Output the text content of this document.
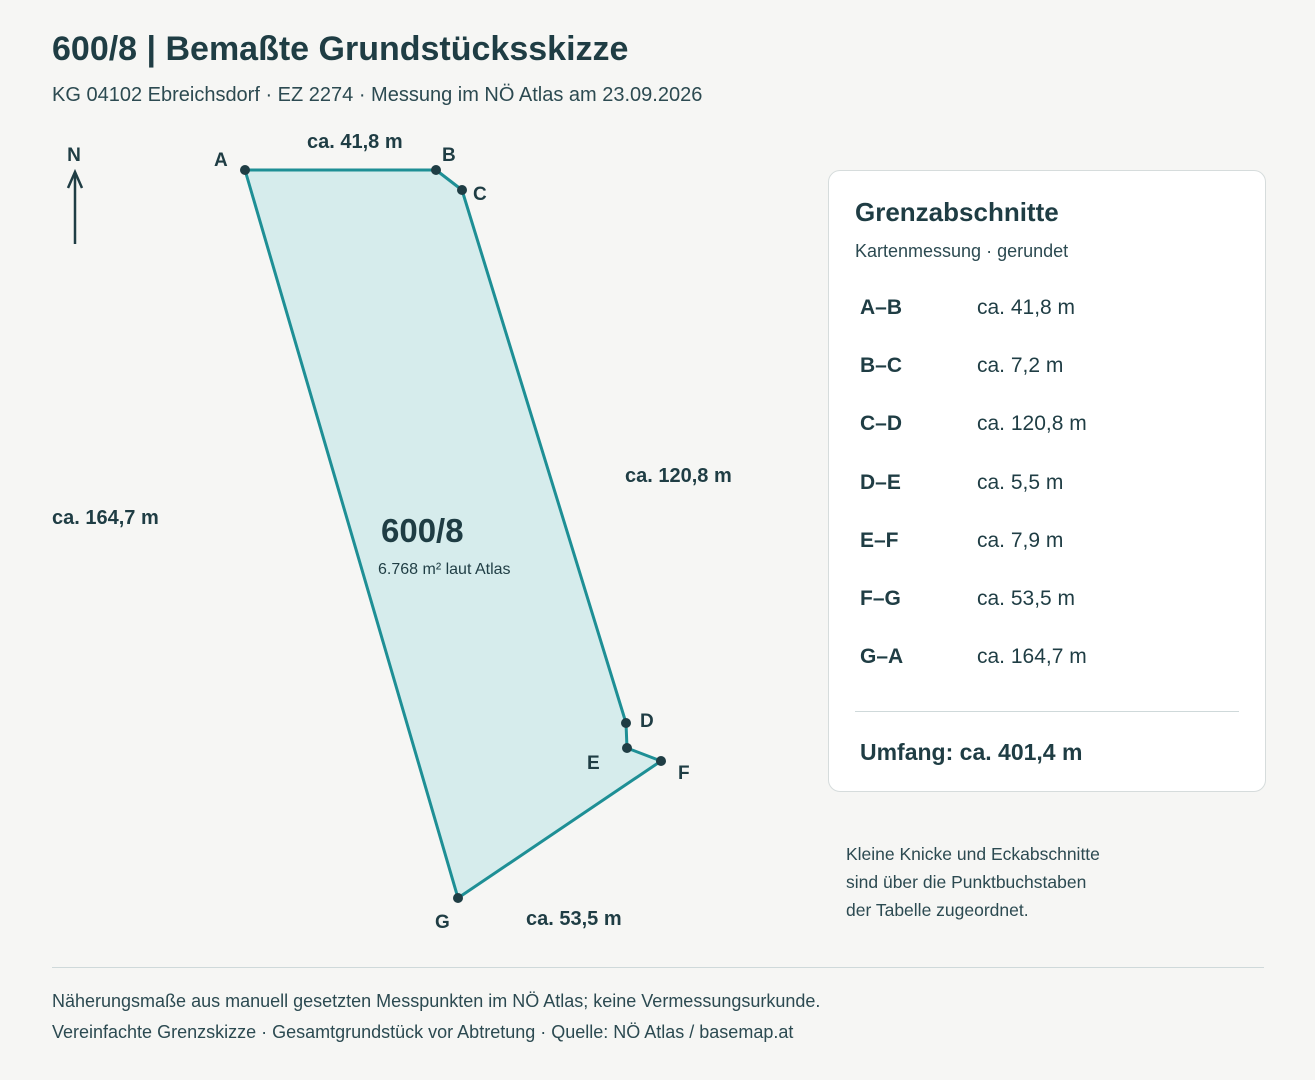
600/8 | Bemaßte Grundstücksskizze
KG 04102 Ebreichsdorf · EZ 2274 · Messung im NÖ Atlas am 23.09.2026
N
600/8
6.768 m² laut Atlas
A	B
C
D
E	F
G
ca. 41,8 m
ca. 120,8 m
ca. 164,7 m
ca. 53,5 m
Grenzabschnitte
Kartenmessung · gerundet
A–B	ca. 41,8 m
B–C	ca. 7,2 m
C–D	ca. 120,8 m
D–E	ca. 5,5 m
E–F	ca. 7,9 m
F–G	ca. 53,5 m
G–A	ca. 164,7 m
Umfang: ca. 401,4 m
Kleine Knicke und Eckabschnitte
sind über die Punktbuchstaben
der Tabelle zugeordnet.
Näherungsmaße aus manuell gesetzten Messpunkten im NÖ Atlas; keine Vermessungsurkunde.
Vereinfachte Grenzskizze · Gesamtgrundstück vor Abtretung · Quelle: NÖ Atlas / basemap.at
